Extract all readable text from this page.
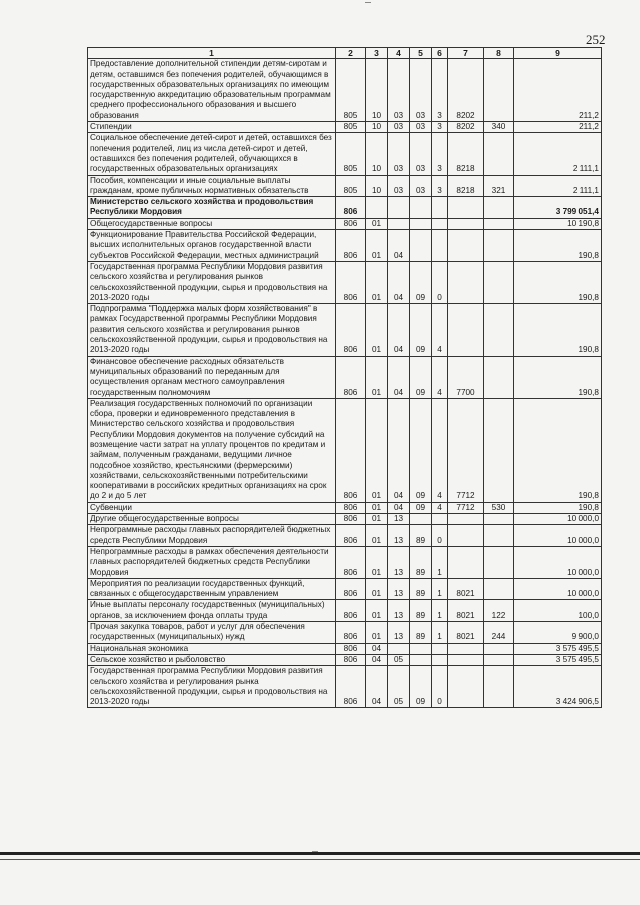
252
1	2	3	4	5	6	7	8	9
Предоставление дополнительной стипендии детям-сиротам и детям, оставшимся без попечения родителей, обучающимся в государственных образовательных организациях по имеющим государственную аккредитацию образовательным программам среднего профессионального образования и высшего образования	805	10	03	03	3	8202		211,2
Стипендии	805	10	03	03	3	8202	340	211,2
Социальное обеспечение детей-сирот и детей, оставшихся без попечения родителей, лиц из числа детей-сирот и детей, оставшихся без попечения родителей, обучающихся в государственных образовательных организациях	805	10	03	03	3	8218		2 111,1
Пособия, компенсации и иные социальные выплаты гражданам, кроме публичных нормативных обязательств	805	10	03	03	3	8218	321	2 111,1
Министерство сельского хозяйства и продовольствия Республики Мордовия	806							3 799 051,4
Общегосударственные вопросы	806	01						10 190,8
Функционирование Правительства Российской Федерации, высших исполнительных органов государственной власти субъектов Российской Федерации, местных администраций	806	01	04					190,8
Государственная программа Республики Мордовия развития сельского хозяйства и регулирования рынков сельскохозяйственной продукции, сырья и продовольствия на 2013-2020 годы	806	01	04	09	0			190,8
Подпрограмма "Поддержка малых форм хозяйствования" в рамках Государственной программы Республики Мордовия развития сельского хозяйства и регулирования рынков сельскохозяйственной продукции, сырья и продовольствия на 2013-2020 годы	806	01	04	09	4			190,8
Финансовое обеспечение расходных обязательств муниципальных образований по переданным для осуществления органам местного самоуправления государственным полномочиям	806	01	04	09	4	7700		190,8
Реализация государственных полномочий по организации сбора, проверки и единовременного представления в Министерство сельского хозяйства и продовольствия Республики Мордовия документов на получение субсидий на возмещение части затрат на уплату процентов по кредитам и займам, полученным гражданами, ведущими личное подсобное хозяйство, крестьянскими (фермерскими) хозяйствами, сельскохозяйственными потребительскими кооперативами в российских кредитных организациях на срок до 2 и до 5 лет	806	01	04	09	4	7712		190,8
Субвенции	806	01	04	09	4	7712	530	190,8
Другие общегосударственные вопросы	806	01	13					10 000,0
Непрограммные расходы главных распорядителей бюджетных средств Республики Мордовия	806	01	13	89	0			10 000,0
Непрограммные расходы в рамках обеспечения деятельности главных распорядителей бюджетных средств Республики Мордовия	806	01	13	89	1			10 000,0
Мероприятия по реализации государственных функций, связанных с общегосударственным управлением	806	01	13	89	1	8021		10 000,0
Иные выплаты персоналу государственных (муниципальных) органов, за исключением фонда оплаты труда	806	01	13	89	1	8021	122	100,0
Прочая закупка товаров, работ и услуг для обеспечения государственных (муниципальных) нужд	806	01	13	89	1	8021	244	9 900,0
Национальная экономика	806	04						3 575 495,5
Сельское хозяйство и рыболовство	806	04	05					3 575 495,5
Государственная программа Республики Мордовия развития сельского хозяйства и регулирования рынка сельскохозяйственной продукции, сырья и продовольствия на 2013-2020 годы	806	04	05	09	0			3 424 906,5
